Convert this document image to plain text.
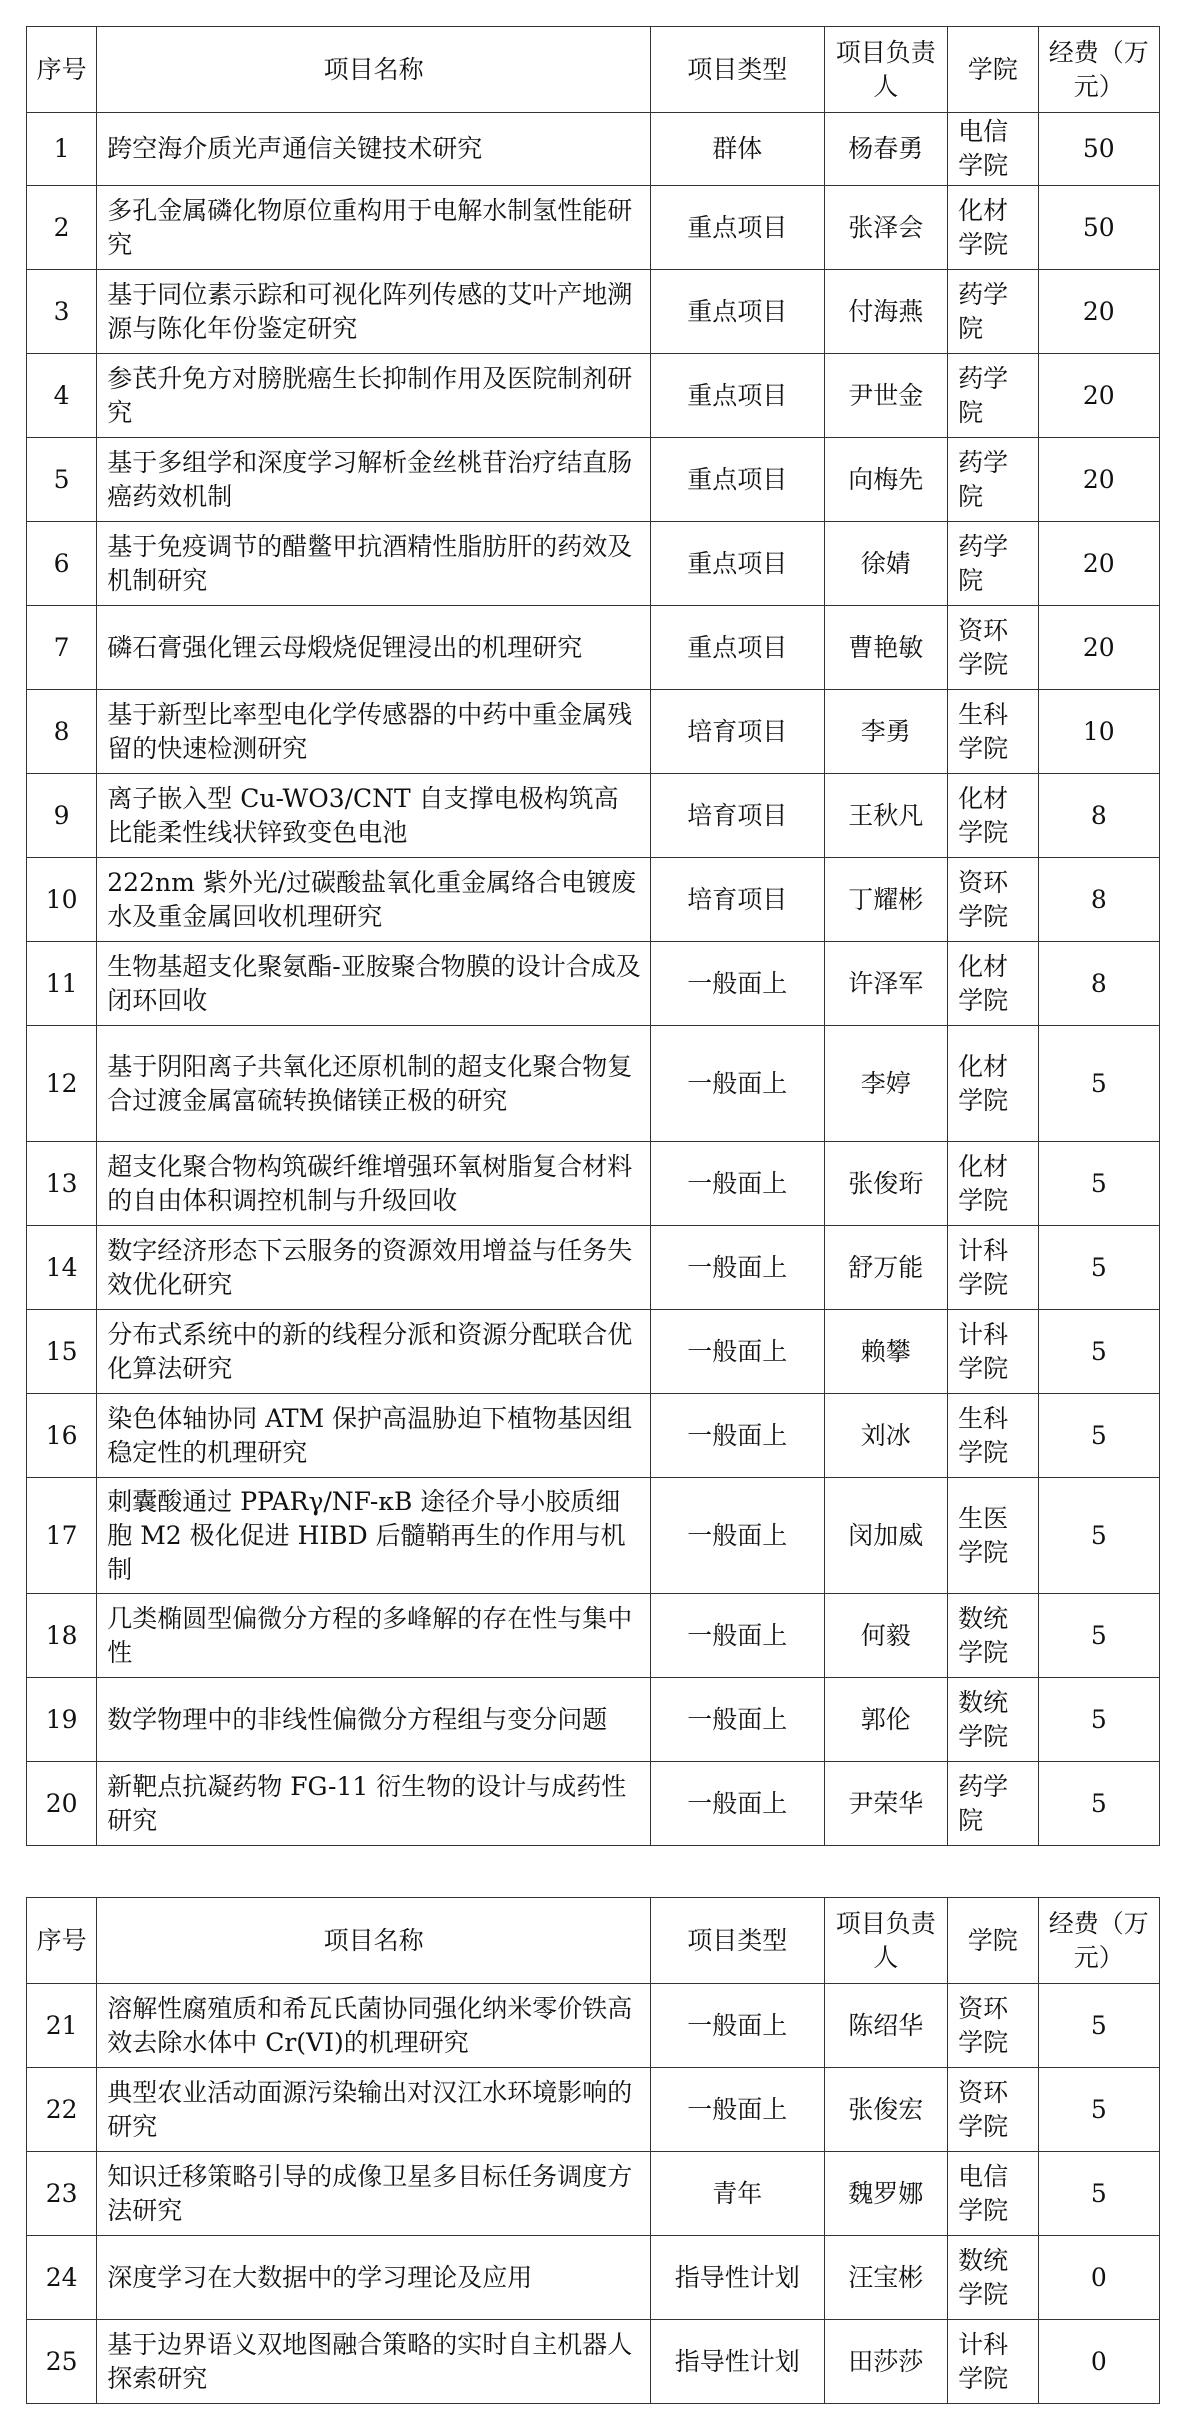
序号	项目名称	项目类型	项目负责人	学院	经费（万元）
1	跨空海介质光声通信关键技术研究	群体	杨春勇	电信学院	50
2	多孔金属磷化物原位重构用于电解水制氢性能研究	重点项目	张泽会	化材学院	50
3	基于同位素示踪和可视化阵列传感的艾叶产地溯源与陈化年份鉴定研究	重点项目	付海燕	药学院	20
4	参芪升免方对膀胱癌生长抑制作用及医院制剂研究	重点项目	尹世金	药学院	20
5	基于多组学和深度学习解析金丝桃苷治疗结直肠癌药效机制	重点项目	向梅先	药学院	20
6	基于免疫调节的醋鳖甲抗酒精性脂肪肝的药效及机制研究	重点项目	徐婧	药学院	20
7	磷石膏强化锂云母煅烧促锂浸出的机理研究	重点项目	曹艳敏	资环学院	20
8	基于新型比率型电化学传感器的中药中重金属残留的快速检测研究	培育项目	李勇	生科学院	10
9	离子嵌入型 Cu-WO3/CNT 自支撑电极构筑高比能柔性线状锌致变色电池	培育项目	王秋凡	化材学院	8
10	222nm 紫外光/过碳酸盐氧化重金属络合电镀废水及重金属回收机理研究	培育项目	丁耀彬	资环学院	8
11	生物基超支化聚氨酯-亚胺聚合物膜的设计合成及闭环回收	一般面上	许泽军	化材学院	8
12	基于阴阳离子共氧化还原机制的超支化聚合物复合过渡金属富硫转换储镁正极的研究	一般面上	李婷	化材学院	5
13	超支化聚合物构筑碳纤维增强环氧树脂复合材料的自由体积调控机制与升级回收	一般面上	张俊珩	化材学院	5
14	数字经济形态下云服务的资源效用增益与任务失效优化研究	一般面上	舒万能	计科学院	5
15	分布式系统中的新的线程分派和资源分配联合优化算法研究	一般面上	赖攀	计科学院	5
16	染色体轴协同 ATM 保护高温胁迫下植物基因组稳定性的机理研究	一般面上	刘冰	生科学院	5
17	刺囊酸通过 PPARγ/NF-κB 途径介导小胶质细胞 M2 极化促进 HIBD 后髓鞘再生的作用与机制	一般面上	闵加威	生医学院	5
18	几类椭圆型偏微分方程的多峰解的存在性与集中性	一般面上	何毅	数统学院	5
19	数学物理中的非线性偏微分方程组与变分问题	一般面上	郭伦	数统学院	5
20	新靶点抗凝药物 FG-11 衍生物的设计与成药性研究	一般面上	尹荣华	药学院	5
序号	项目名称	项目类型	项目负责人	学院	经费（万元）
21	溶解性腐殖质和希瓦氏菌协同强化纳米零价铁高效去除水体中 Cr(VI)的机理研究	一般面上	陈绍华	资环学院	5
22	典型农业活动面源污染输出对汉江水环境影响的研究	一般面上	张俊宏	资环学院	5
23	知识迁移策略引导的成像卫星多目标任务调度方法研究	青年	魏罗娜	电信学院	5
24	深度学习在大数据中的学习理论及应用	指导性计划	汪宝彬	数统学院	0
25	基于边界语义双地图融合策略的实时自主机器人探索研究	指导性计划	田莎莎	计科学院	0
